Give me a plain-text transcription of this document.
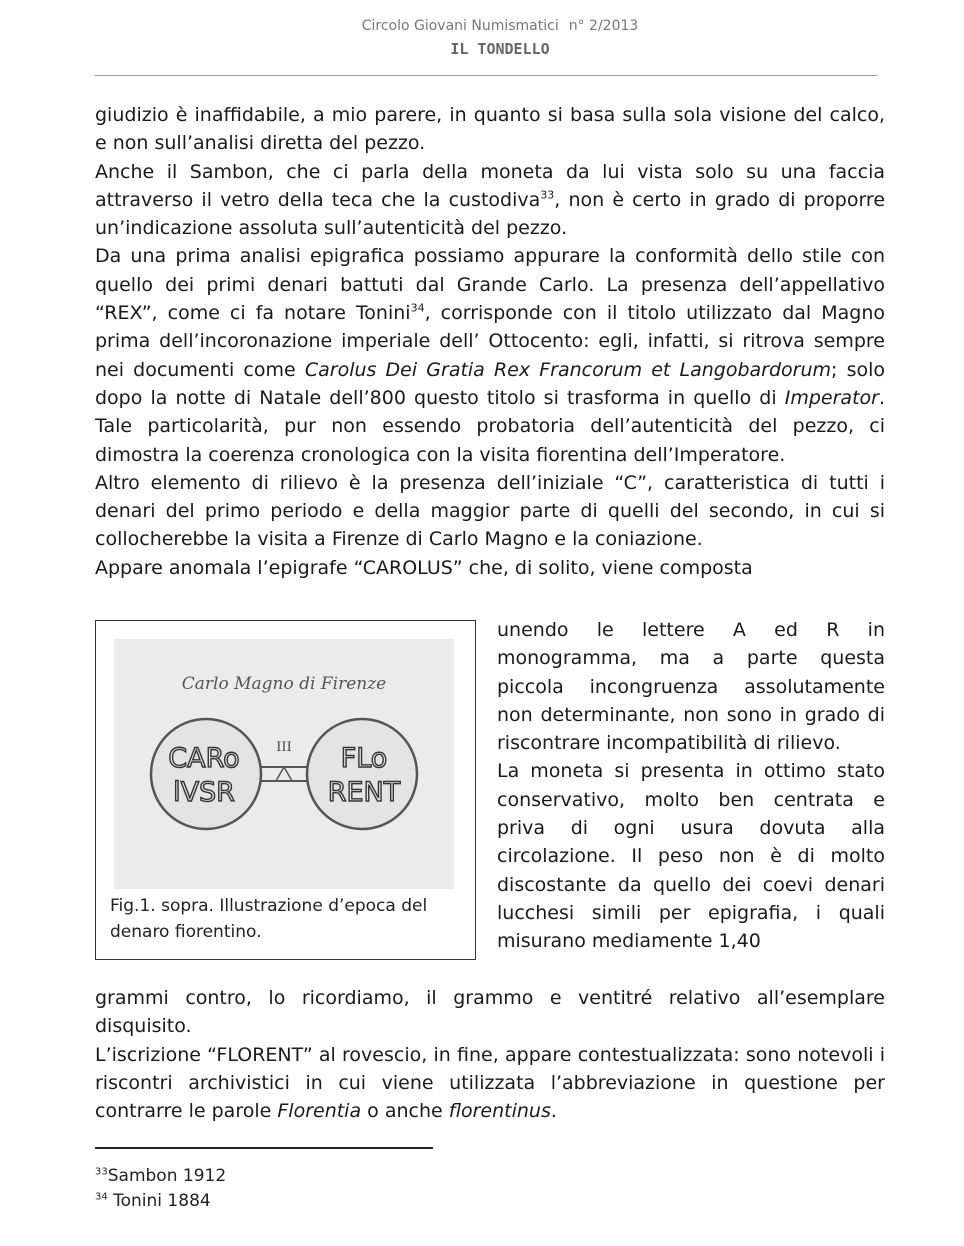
Circolo Giovani Numismatici n° 2/2013
IL TONDELLO

giudizio è inaffidabile, a mio parere, in quanto si basa sulla sola visione del calco, e non sull’analisi diretta del pezzo.

Anche il Sambon, che ci parla della moneta da lui vista solo su una faccia attraverso il vetro della teca che la custodiva$^{33}$, non è certo in grado di proporre un’indicazione assoluta sull’autenticità del pezzo.

Da una prima analisi epigrafica possiamo appurare la conformità dello stile con quello dei primi denari battuti dal Grande Carlo. La presenza dell’appellativo “REX”, come ci fa notare Tonini$^{34}$, corrisponde con il titolo utilizzato dal Magno prima dell’incoronazione imperiale dell’ Ottocento: egli, infatti, si ritrova sempre nei documenti come Carolus Dei Gratia Rex Francorum et Langobardorum; solo dopo la notte di Natale dell’800 questo titolo si trasforma in quello di Imperator. Tale particolarità, pur non essendo probatoria dell’autenticità del pezzo, ci dimostra la coerenza cronologica con la visita fiorentina dell’Imperatore.

Altro elemento di rilievo è la presenza dell’iniziale “C”, caratteristica di tutti i denari del primo periodo e della maggior parte di quelli del secondo, in cui si collocherebbe la visita a Firenze di Carlo Magno e la coniazione.

Appare anomala l’epigrafe “CAROLUS” che, di solito, viene composta

Carlo Magno di Firenze
III
CARo
lVSR
FLo
RENT
Fig.1. sopra. Illustrazione d’epoca del denaro fiorentino.

unendo le lettere A ed R in monogramma, ma a parte questa piccola incongruenza assolutamente non determinante, non sono in grado di riscontrare incompatibilità di rilievo.

La moneta si presenta in ottimo stato conservativo, molto ben centrata e priva di ogni usura dovuta alla circolazione. Il peso non è di molto discostante da quello dei coevi denari lucchesi simili per epigrafia, i quali misurano mediamente 1,40

grammi contro, lo ricordiamo, il grammo e ventitré relativo all’esemplare disquisito.

L’iscrizione “FLORENT” al rovescio, in fine, appare contestualizzata: sono notevoli i riscontri archivistici in cui viene utilizzata l’abbreviazione in questione per contrarre le parole Florentia o anche florentinus.

$^{33}$Sambon 1912
$^{34}$ Tonini 1884
